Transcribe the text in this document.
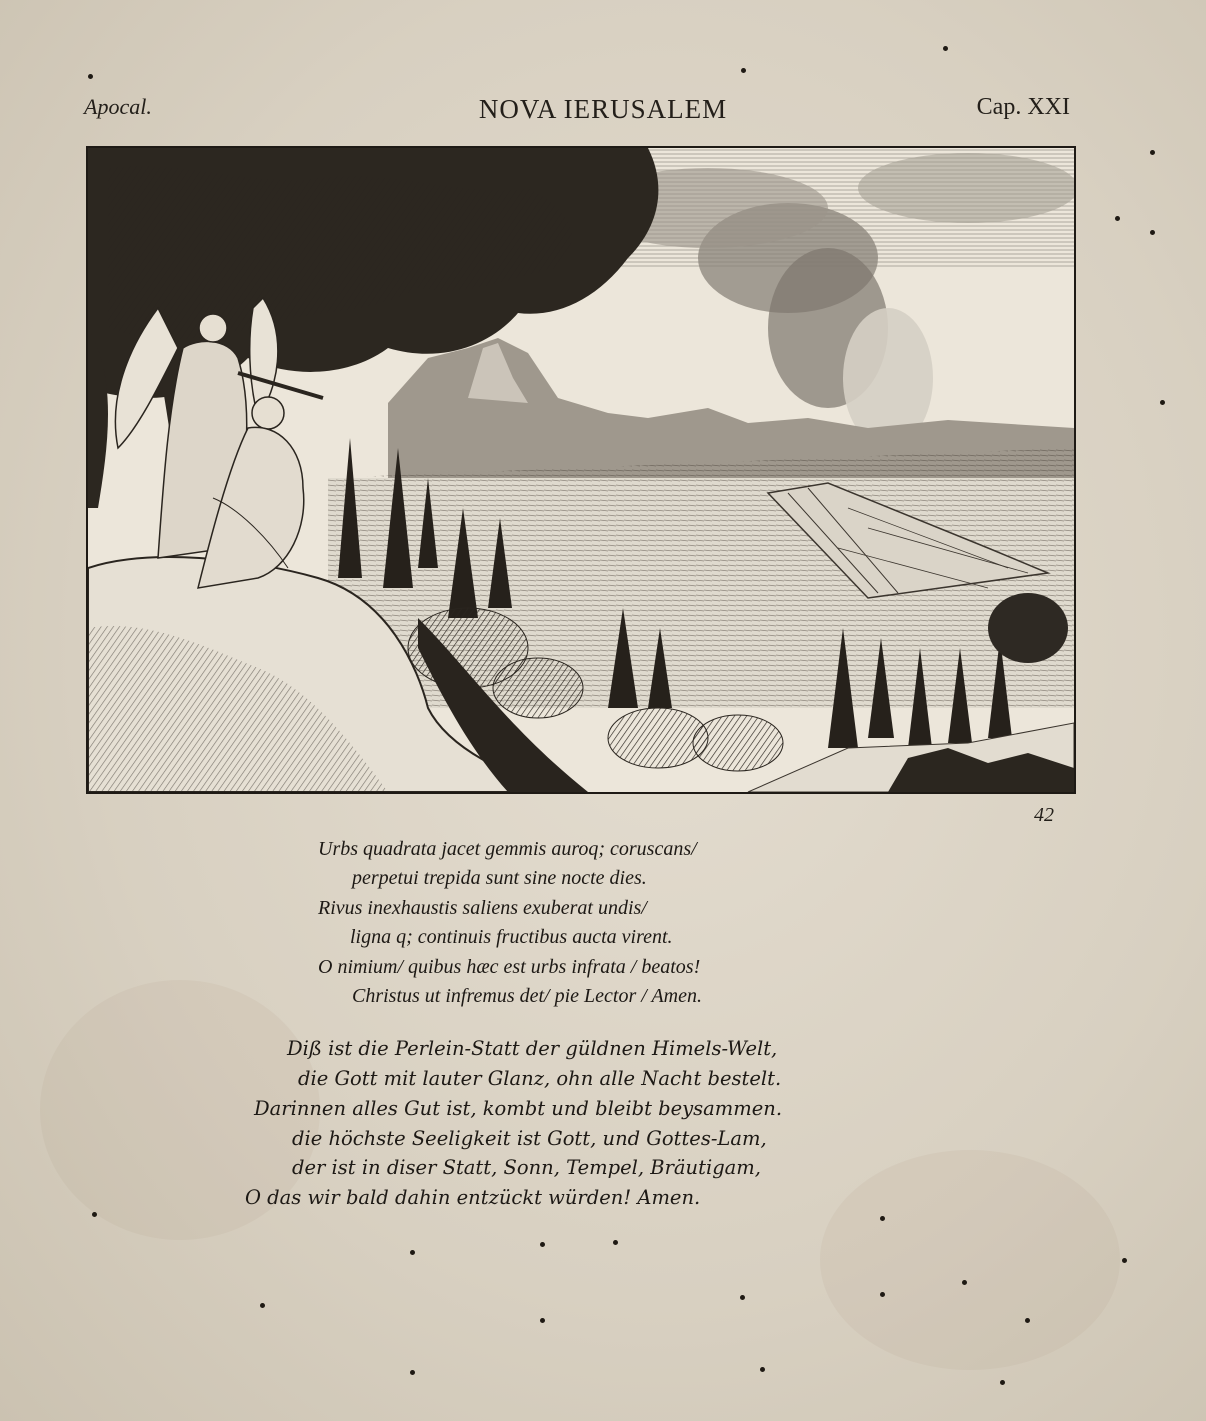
Apocal.	NOVA IERUSALEM	Cap. XXI
42
Urbs quadrata jacet gemmis auroq; coruscans/
perpetui trepida sunt sine nocte dies.
Rivus inexhaustis saliens exuberat undis/
ligna q; continuis fructibus aucta virent.
O nimium/ quibus hæc est urbs infrata / beatos!
Christus ut infremus det/ pie Lector / Amen.
Diß ist die Perlein-Statt der güldnen Himels-Welt,
die Gott mit lauter Glanz, ohn alle Nacht bestelt.
Darinnen alles Gut ist, kombt und bleibt beysammen.
die höchste Seeligkeit ist Gott, und Gottes-Lam,
der ist in diser Statt, Sonn, Tempel, Bräutigam,
O das wir bald dahin entzückt würden! Amen.
